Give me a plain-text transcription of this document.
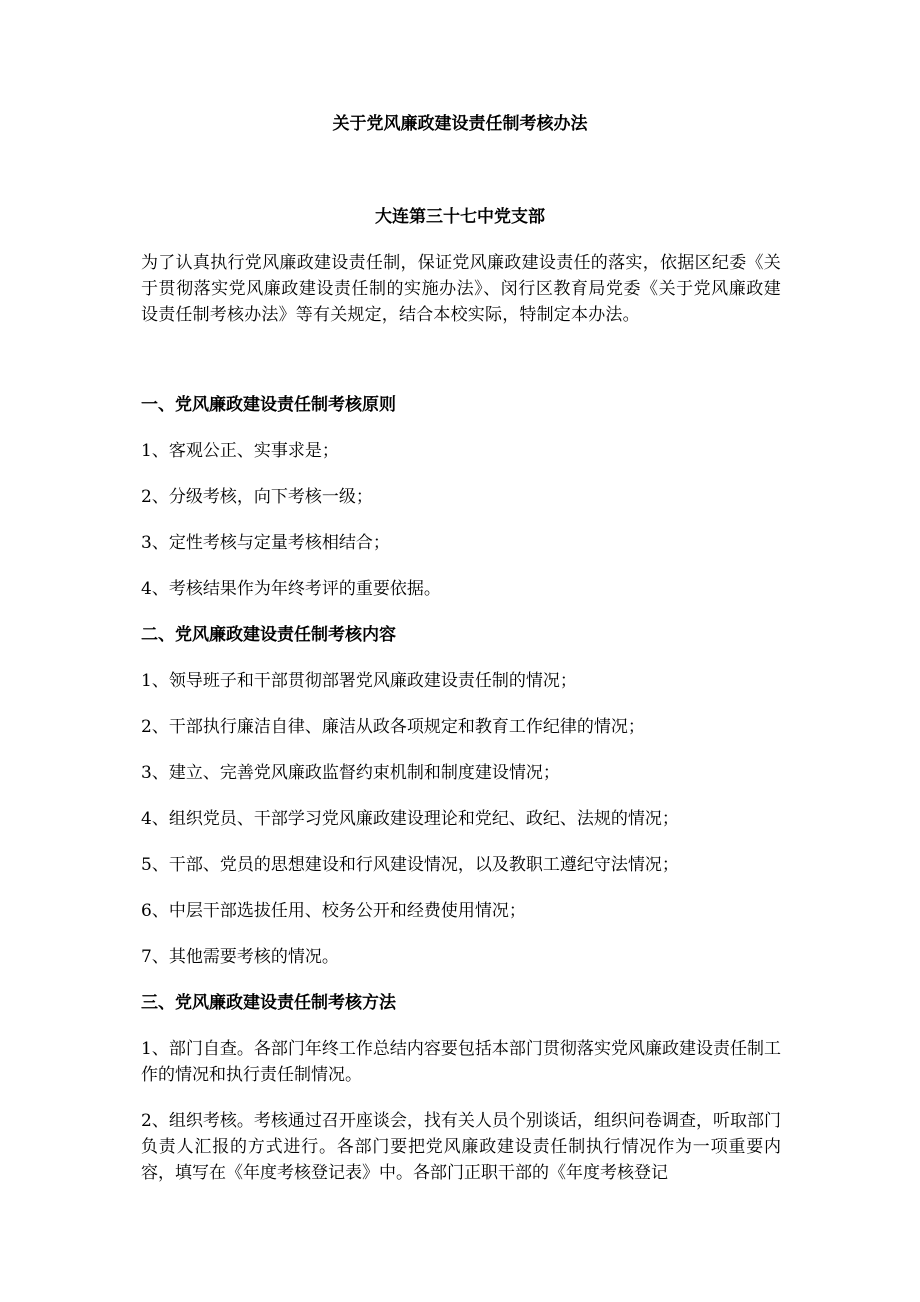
关于党风廉政建设责任制考核办法
大连第三十七中党支部
为了认真执行党风廉政建设责任制，保证党风廉政建设责任的落实，依据区纪委《关于贯彻落实党风廉政建设责任制的实施办法》、闵行区教育局党委《关于党风廉政建设责任制考核办法》等有关规定，结合本校实际，特制定本办法。

一、党风廉政建设责任制考核原则

1、客观公正、实事求是；

2、分级考核，向下考核一级；

3、定性考核与定量考核相结合；

4、考核结果作为年终考评的重要依据。

二、党风廉政建设责任制考核内容

1、领导班子和干部贯彻部署党风廉政建设责任制的情况；

2、干部执行廉洁自律、廉洁从政各项规定和教育工作纪律的情况；

3、建立、完善党风廉政监督约束机制和制度建设情况；

4、组织党员、干部学习党风廉政建设理论和党纪、政纪、法规的情况；

5、干部、党员的思想建设和行风建设情况，以及教职工遵纪守法情况；

6、中层干部选拔任用、校务公开和经费使用情况；

7、其他需要考核的情况。

三、党风廉政建设责任制考核方法

1、部门自查。各部门年终工作总结内容要包括本部门贯彻落实党风廉政建设责任制工作的情况和执行责任制情况。

2、组织考核。考核通过召开座谈会，找有关人员个别谈话，组织问卷调查，听取部门负责人汇报的方式进行。各部门要把党风廉政建设责任制执行情况作为一项重要内容，填写在《年度考核登记表》中。各部门正职干部的《年度考核登记
